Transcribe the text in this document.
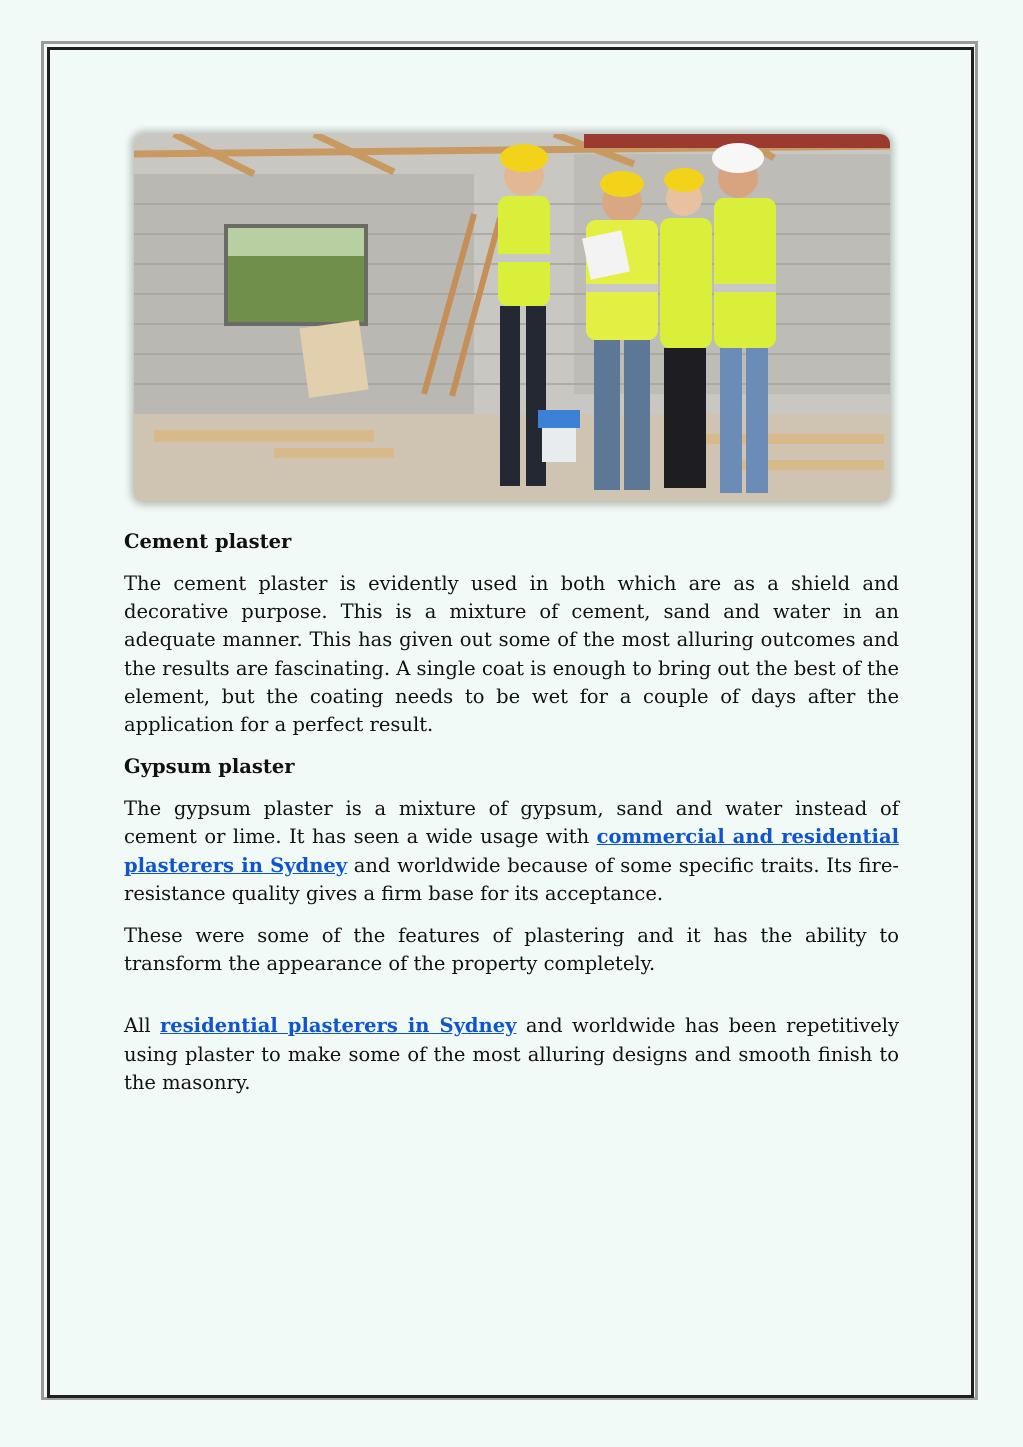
Cement plaster

The cement plaster is evidently used in both which are as a shield and decorative purpose. This is a mixture of cement, sand and water in an adequate manner. This has given out some of the most alluring outcomes and the results are fascinating. A single coat is enough to bring out the best of the element, but the coating needs to be wet for a couple of days after the application for a perfect result.

Gypsum plaster

The gypsum plaster is a mixture of gypsum, sand and water instead of cement or lime. It has seen a wide usage with commercial and residential plasterers in Sydney and worldwide because of some specific traits. Its fire-resistance quality gives a firm base for its acceptance.

These were some of the features of plastering and it has the ability to transform the appearance of the property completely.

All residential plasterers in Sydney and worldwide has been repetitively using plaster to make some of the most alluring designs and smooth finish to the masonry.
